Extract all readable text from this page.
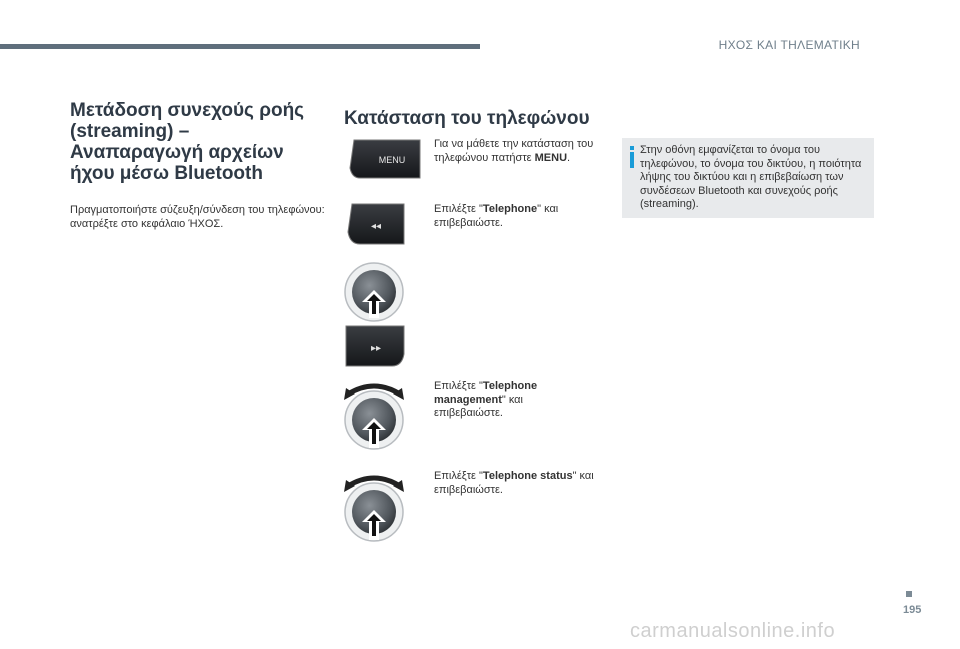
ΗΧΟΣ ΚΑΙ ΤΗΛΕΜΑΤΙΚΗ
Μετάδοση συνεχούς ροής (streaming) – Αναπαραγωγή αρχείων ήχου μέσω Bluetooth
Πραγματοποιήστε σύζευξη/σύνδεση του τηλεφώνου: ανατρέξτε στο κεφάλαιο ΉΧΟΣ.
Κατάσταση του τηλεφώνου
MENU
Για να μάθετε την κατάσταση του τηλεφώνου πατήστε MENU.
◂◂
Επιλέξτε "Telephone" και επιβεβαιώστε.
▸▸
Επιλέξτε "Telephone management" και επιβεβαιώστε.
Επιλέξτε "Telephone status" και επιβεβαιώστε.
Στην οθόνη εμφανίζεται το όνομα του τηλεφώνου, το όνομα του δικτύου, η ποιότητα λήψης του δικτύου και η επιβεβαίωση των συνδέσεων Bluetooth και συνεχούς ροής (streaming).
195
carmanualsonline.info
